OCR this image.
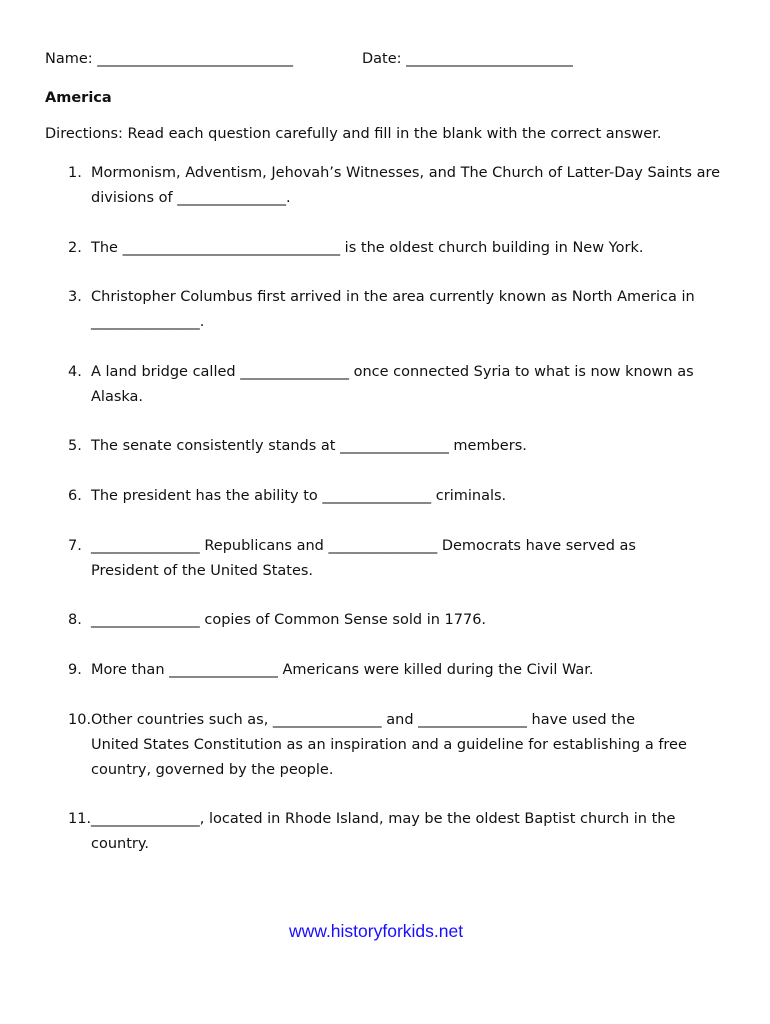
Name: ___________________________	Date: _______________________
America
Directions: Read each question carefully and fill in the blank with the correct answer.
1. Mormonism, Adventism, Jehovah’s Witnesses, and The Church of Latter-Day Saints are
divisions of _______________.
2. The ______________________________ is the oldest church building in New York.
3. Christopher Columbus first arrived in the area currently known as North America in
_______________.
4. A land bridge called _______________ once connected Syria to what is now known as
Alaska.
5. The senate consistently stands at _______________ members.
6. The president has the ability to _______________ criminals.
7. _______________ Republicans and _______________ Democrats have served as
President of the United States.
8. _______________ copies of Common Sense sold in 1776.
9. More than _______________ Americans were killed during the Civil War.
10. Other countries such as, _______________ and _______________ have used the
United States Constitution as an inspiration and a guideline for establishing a free
country, governed by the people.
11. _______________, located in Rhode Island, may be the oldest Baptist church in the
country.
www.historyforkids.net
